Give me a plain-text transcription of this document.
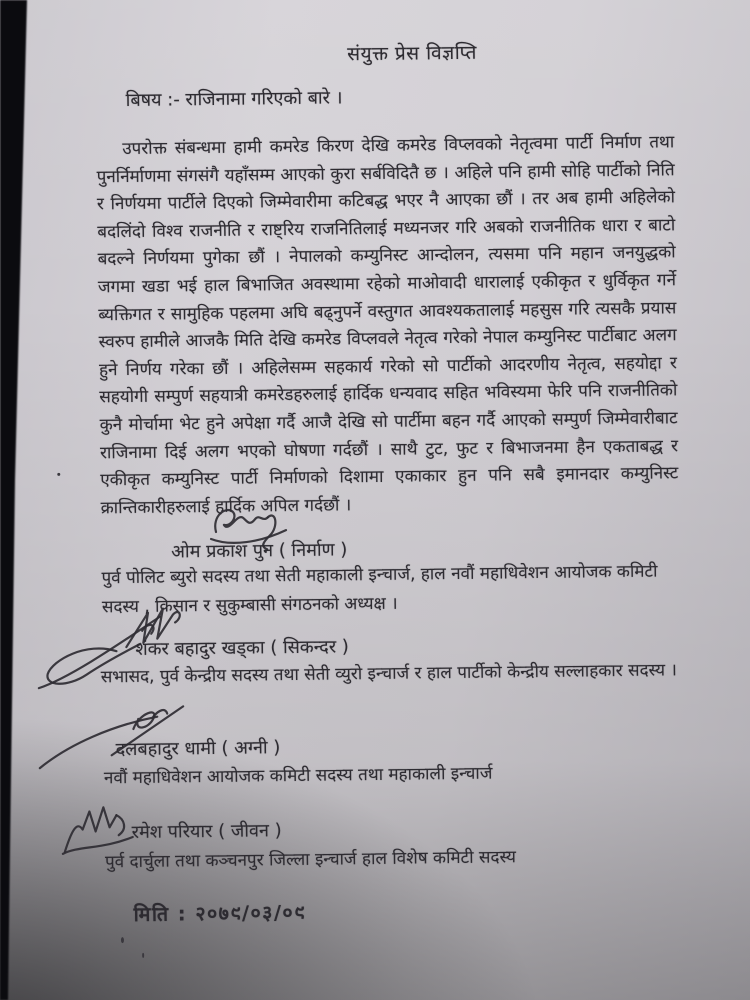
संयुक्त प्रेस विज्ञप्ति
बिषय :- राजिनामा गरिएको बारे ।

उपराेक्त संबन्धमा हामी कमरेड किरण देखि कमरेड विप्लवकाे नेतृत्वमा पार्टी निर्माण तथा पुनर्निर्माणमा संगसंगै यहाँसम्म आएको कुरा सर्बविदितै छ । अहिले पनि हामी साेहि पार्टीको निति र निर्णयमा पार्टीले दिएको जिम्मेवारीमा कटिबद्ध भएर नै आएका छाैं । तर अब हामी अहिलेको बदलिंदो विश्व राजनीति र राष्ट्रिय राजनितिलाई मध्यनजर गरि अबको राजनीतिक धारा र बाटो बदल्ने निर्णयमा पुगेका छाैं । नेपालको कम्युनिस्ट आन्दोलन, त्यसमा पनि महान जनयुद्धको जगमा खडा भई हाल बिभाजित अवस्थामा रहेको माओवादी धारालाई एकीकृत र धुर्विकृत गर्ने ब्यक्तिगत र सामुहिक पहलमा अघि बढ्नुपर्ने वस्तुगत आवश्यकतालाई महसुस गरि त्यसकै प्रयास स्वरुप हामीले आजकै मिति देखि कमरेड विप्लवले नेतृत्व गरेको नेपाल कम्युनिस्ट पार्टीबाट अलग हुने निर्णय गरेका छाैं । अहिलेसम्म सहकार्य गरेको साे पार्टीको आदरणीय नेतृत्व, सहयाेद्दा र सहयोगी सम्पुर्ण सहयात्री कमरेडहरुलाई हार्दिक धन्यवाद सहित भविस्यमा फेरि पनि राजनीतिकाे कुनै माेर्चामा भेट हुने अपेक्षा गर्दै आजै देखि साे पार्टीमा बहन गर्दै आएको सम्पुर्ण जिम्मेवारीबाट राजिनामा दिई अलग भएको घाेषणा गर्दछाैं । साथै टुट, फुट र बिभाजनमा हैन एकताबद्ध र एकीकृत कम्युनिस्ट पार्टी निर्माणको दिशामा एकाकार हुन पनि सबै इमानदार कम्युनिस्ट क्रान्तिकारीहरुलाई हार्दिक अपिल गर्दछाैं ।

ओम प्रकाश पुन ( निर्माण )

पुर्व पाेलिट ब्युराे सदस्य तथा सेती महाकाली इन्चार्ज, हाल नवाैं महाधिवेशन आयाेजक कमिटी सदस्य , किसान र सुकुम्बासी संगठनको अध्यक्ष ।

शंकर बहादुर खड्का ( सिकन्दर )

सभासद, पुर्व केन्द्रीय सदस्य तथा सेती व्युराे इन्चार्ज र हाल पार्टीको केन्द्रीय सल्लाहकार सदस्य ।

दलबहादुर धामी ( अग्नी )

नवाैं महाधिवेशन आयाेजक कमिटी सदस्य तथा महाकाली इन्चार्ज

रमेश परियार ( जीवन )

पुर्व दार्चुला तथा कञ्चनपुर जिल्ला इन्चार्ज हाल विशेष कमिटी सदस्य

मिति : २०७९/०३/०९
